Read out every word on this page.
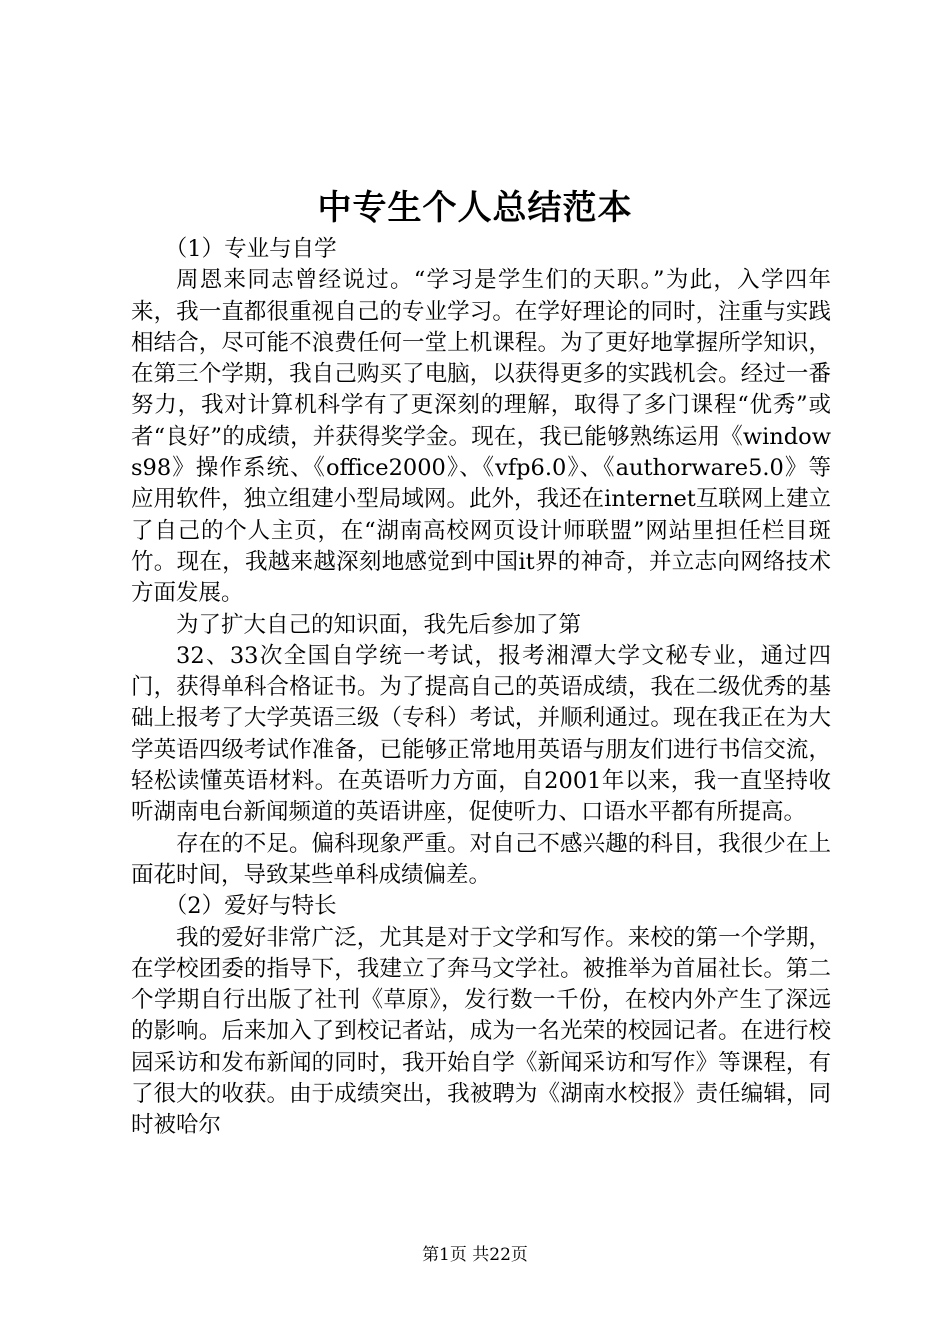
中专生个人总结范本

（1）专业与自学

周恩来同志曾经说过。“学习是学生们的天职。”为此，入学四年来，我一直都很重视自己的专业学习。在学好理论的同时，注重与实践相结合，尽可能不浪费任何一堂上机课程。为了更好地掌握所学知识，在第三个学期，我自己购买了电脑，以获得更多的实践机会。经过一番努力，我对计算机科学有了更深刻的理解，取得了多门课程“优秀”或者“良好”的成绩，并获得奖学金。现在，我已能够熟练运用《windows98》操作系统、《office2000》、《vfp6.0》、《authorware5.0》等应用软件，独立组建小型局域网。此外，我还在internet互联网上建立了自己的个人主页，在“湖南高校网页设计师联盟”网站里担任栏目斑竹。现在，我越来越深刻地感觉到中国it界的神奇，并立志向网络技术方面发展。

为了扩大自己的知识面，我先后参加了第

32、33次全国自学统一考试，报考湘潭大学文秘专业，通过四门，获得单科合格证书。为了提高自己的英语成绩，我在二级优秀的基础上报考了大学英语三级（专科）考试，并顺利通过。现在我正在为大学英语四级考试作准备，已能够正常地用英语与朋友们进行书信交流，轻松读懂英语材料。在英语听力方面，自2001年以来，我一直坚持收听湖南电台新闻频道的英语讲座，促使听力、口语水平都有所提高。

存在的不足。偏科现象严重。对自己不感兴趣的科目，我很少在上面花时间，导致某些单科成绩偏差。

（2）爱好与特长

我的爱好非常广泛，尤其是对于文学和写作。来校的第一个学期，在学校团委的指导下，我建立了奔马文学社。被推举为首届社长。第二个学期自行出版了社刊《草原》，发行数一千份，在校内外产生了深远的影响。后来加入了到校记者站，成为一名光荣的校园记者。在进行校园采访和发布新闻的同时，我开始自学《新闻采访和写作》等课程，有了很大的收获。由于成绩突出，我被聘为《湖南水校报》责任编辑，同时被哈尔

第1页 共22页
